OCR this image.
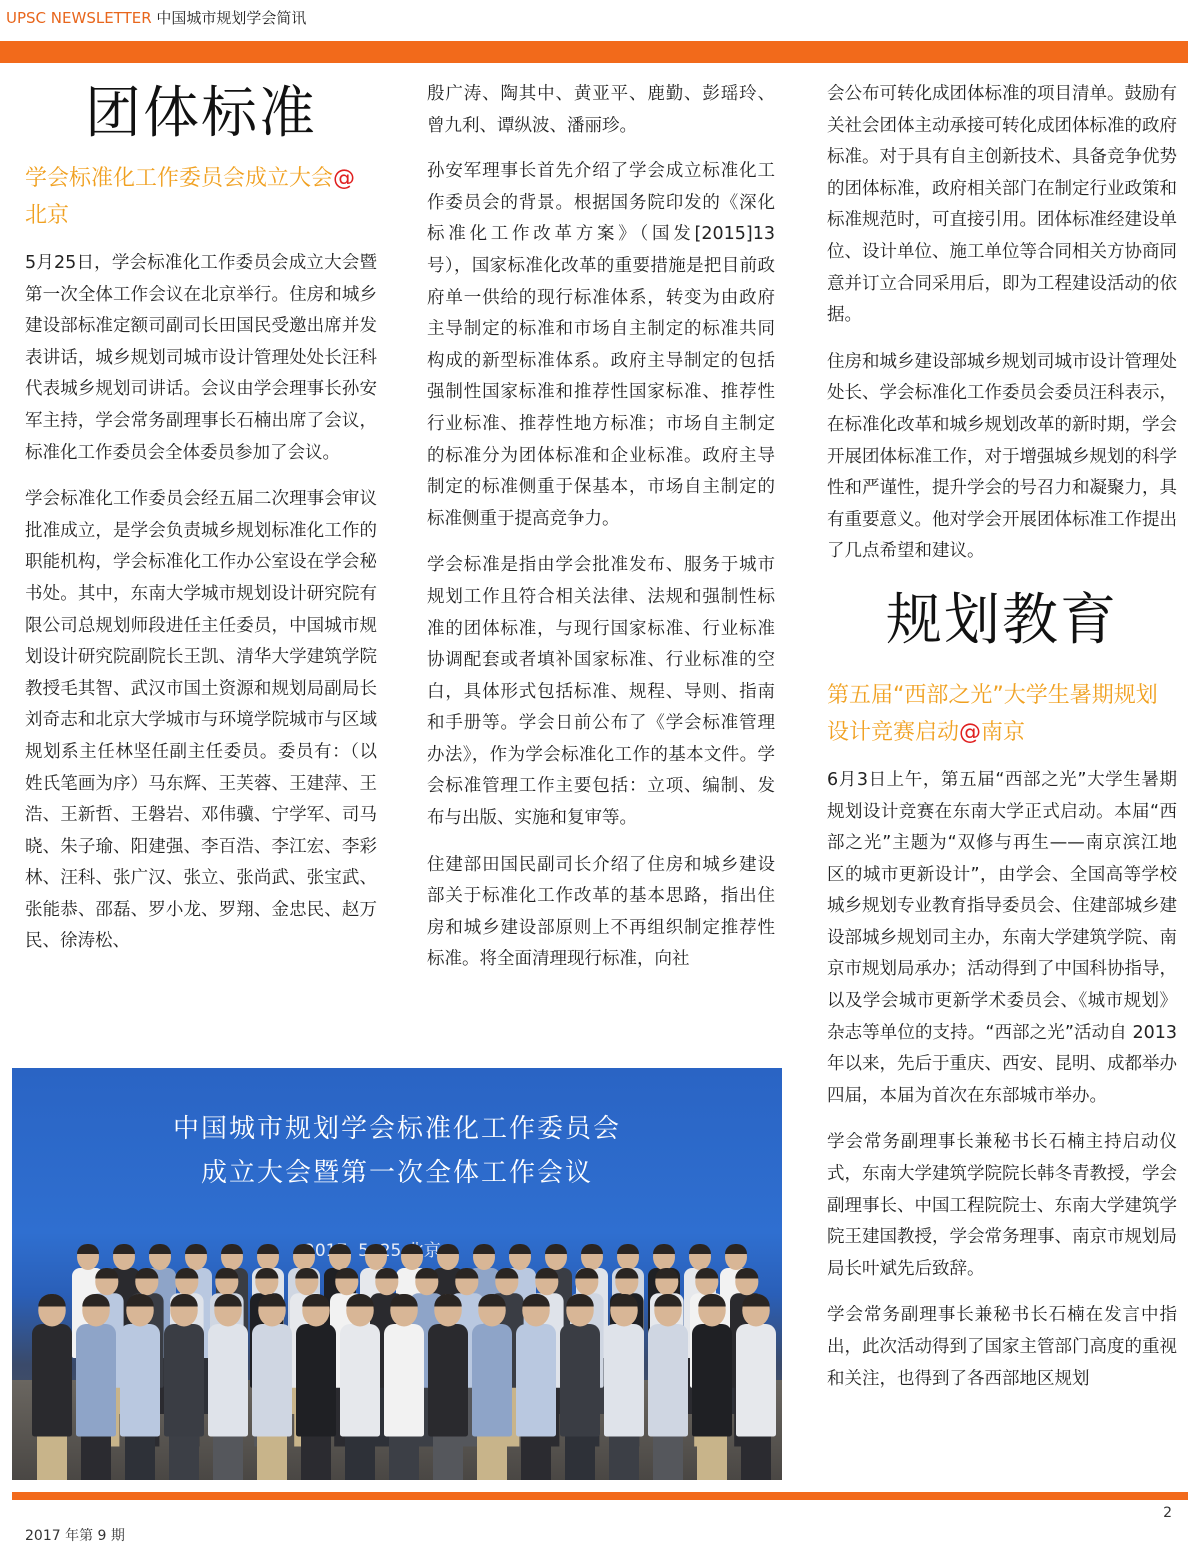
UPSC NEWSLETTER 中国城市规划学会简讯
团体标准
学会标准化工作委员会成立大会@
北京

5月25日，学会标准化工作委员会成立大会暨第一次全体工作会议在北京举行。住房和城乡建设部标准定额司副司长田国民受邀出席并发表讲话，城乡规划司城市设计管理处处长汪科代表城乡规划司讲话。会议由学会理事长孙安军主持，学会常务副理事长石楠出席了会议，标准化工作委员会全体委员参加了会议。

学会标准化工作委员会经五届二次理事会审议批准成立，是学会负责城乡规划标准化工作的职能机构，学会标准化工作办公室设在学会秘书处。其中，东南大学城市规划设计研究院有限公司总规划师段进任主任委员，中国城市规划设计研究院副院长王凯、清华大学建筑学院教授毛其智、武汉市国土资源和规划局副局长刘奇志和北京大学城市与环境学院城市与区域规划系主任林坚任副主任委员。委员有：（以姓氏笔画为序）马东辉、王芙蓉、王建萍、王浩、王新哲、王磐岩、邓伟骥、宁学军、司马晓、朱子瑜、阳建强、李百浩、李江宏、李彩林、汪科、张广汉、张立、张尚武、张宝武、张能恭、邵磊、罗小龙、罗翔、金忠民、赵万民、徐涛松、

殷广涛、陶其中、黄亚平、鹿勤、彭瑶玲、曾九利、谭纵波、潘丽珍。

孙安军理事长首先介绍了学会成立标准化工作委员会的背景。根据国务院印发的《深化标准化工作改革方案》（国发[2015]13 号），国家标准化改革的重要措施是把目前政府单一供给的现行标准体系，转变为由政府主导制定的标准和市场自主制定的标准共同构成的新型标准体系。政府主导制定的包括强制性国家标准和推荐性国家标准、推荐性行业标准、推荐性地方标准；市场自主制定的标准分为团体标准和企业标准。政府主导制定的标准侧重于保基本，市场自主制定的标准侧重于提高竞争力。

学会标准是指由学会批准发布、服务于城市规划工作且符合相关法律、法规和强制性标准的团体标准，与现行国家标准、行业标准协调配套或者填补国家标准、行业标准的空白，具体形式包括标准、规程、导则、指南和手册等。学会日前公布了《学会标准管理办法》，作为学会标准化工作的基本文件。学会标准管理工作主要包括：立项、编制、发布与出版、实施和复审等。

住建部田国民副司长介绍了住房和城乡建设部关于标准化工作改革的基本思路，指出住房和城乡建设部原则上不再组织制定推荐性标准。将全面清理现行标准，向社

会公布可转化成团体标准的项目清单。鼓励有关社会团体主动承接可转化成团体标准的政府标准。对于具有自主创新技术、具备竞争优势的团体标准，政府相关部门在制定行业政策和标准规范时，可直接引用。团体标准经建设单位、设计单位、施工单位等合同相关方协商同意并订立合同采用后，即为工程建设活动的依据。

住房和城乡建设部城乡规划司城市设计管理处处长、学会标准化工作委员会委员汪科表示，在标准化改革和城乡规划改革的新时期，学会开展团体标准工作，对于增强城乡规划的科学性和严谨性，提升学会的号召力和凝聚力，具有重要意义。他对学会开展团体标准工作提出了几点希望和建议。

规划教育
第五届“西部之光”大学生暑期规划设计竞赛启动@南京

6月3日上午，第五届“西部之光”大学生暑期规划设计竞赛在东南大学正式启动。本届“西部之光”主题为“双修与再生——南京滨江地区的城市更新设计”，由学会、全国高等学校城乡规划专业教育指导委员会、住建部城乡建设部城乡规划司主办，东南大学建筑学院、南京市规划局承办；活动得到了中国科协指导，以及学会城市更新学术委员会、《城市规划》杂志等单位的支持。“西部之光”活动自 2013 年以来，先后于重庆、西安、昆明、成都举办四届，本届为首次在东部城市举办。

学会常务副理事长兼秘书长石楠主持启动仪式，东南大学建筑学院院长韩冬青教授，学会副理事长、中国工程院院士、东南大学建筑学院王建国教授，学会常务理事、南京市规划局局长叶斌先后致辞。

学会常务副理事长兼秘书长石楠在发言中指出，此次活动得到了国家主管部门高度的重视和关注，也得到了各西部地区规划

中国城市规划学会标准化工作委员会
成立大会暨第一次全体工作会议
25 北京
2
2017 年第 9 期
